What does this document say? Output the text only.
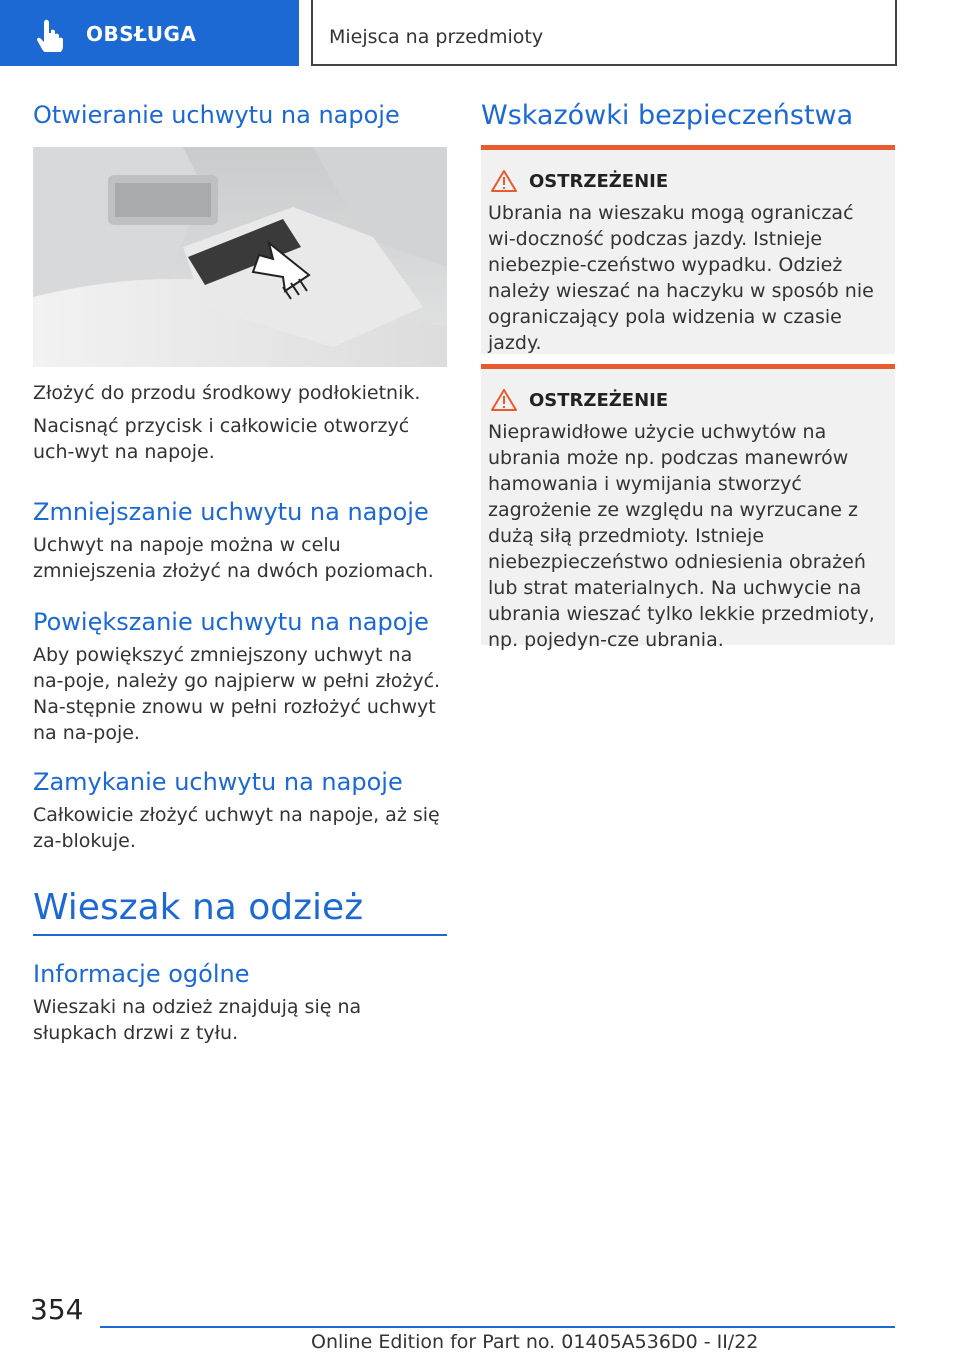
OBSŁUGA	Miejsca na przedmioty
Otwieranie uchwytu na napoje

Złożyć do przodu środkowy podłokietnik.

Nacisnąć przycisk i całkowicie otworzyć uch-wyt na napoje.

Zmniejszanie uchwytu na napoje

Uchwyt na napoje można w celu zmniejszenia złożyć na dwóch poziomach.

Powiększanie uchwytu na napoje

Aby powiększyć zmniejszony uchwyt na na-poje, należy go najpierw w pełni złożyć. Na-stępnie znowu w pełni rozłożyć uchwyt na na-poje.

Zamykanie uchwytu na napoje

Całkowicie złożyć uchwyt na napoje, aż się za-blokuje.

Wieszak na odzież
Informacje ogólne

Wieszaki na odzież znajdują się na słupkach drzwi z tyłu.

Wskazówki bezpieczeństwa
OSTRZEŻENIE

Ubrania na wieszaku mogą ograniczać wi-doczność podczas jazdy. Istnieje niebezpie-czeństwo wypadku. Odzież należy wieszać na haczyku w sposób nie ograniczający pola widzenia w czasie jazdy.

OSTRZEŻENIE

Nieprawidłowe użycie uchwytów na ubrania może np. podczas manewrów hamowania i wymijania stworzyć zagrożenie ze względu na wyrzucane z dużą siłą przedmioty. Istnieje niebezpieczeństwo odniesienia obrażeń lub strat materialnych. Na uchwycie na ubrania wieszać tylko lekkie przedmioty, np. pojedyn-cze ubrania.

354
Online Edition for Part no. 01405A536D0 - II/22
